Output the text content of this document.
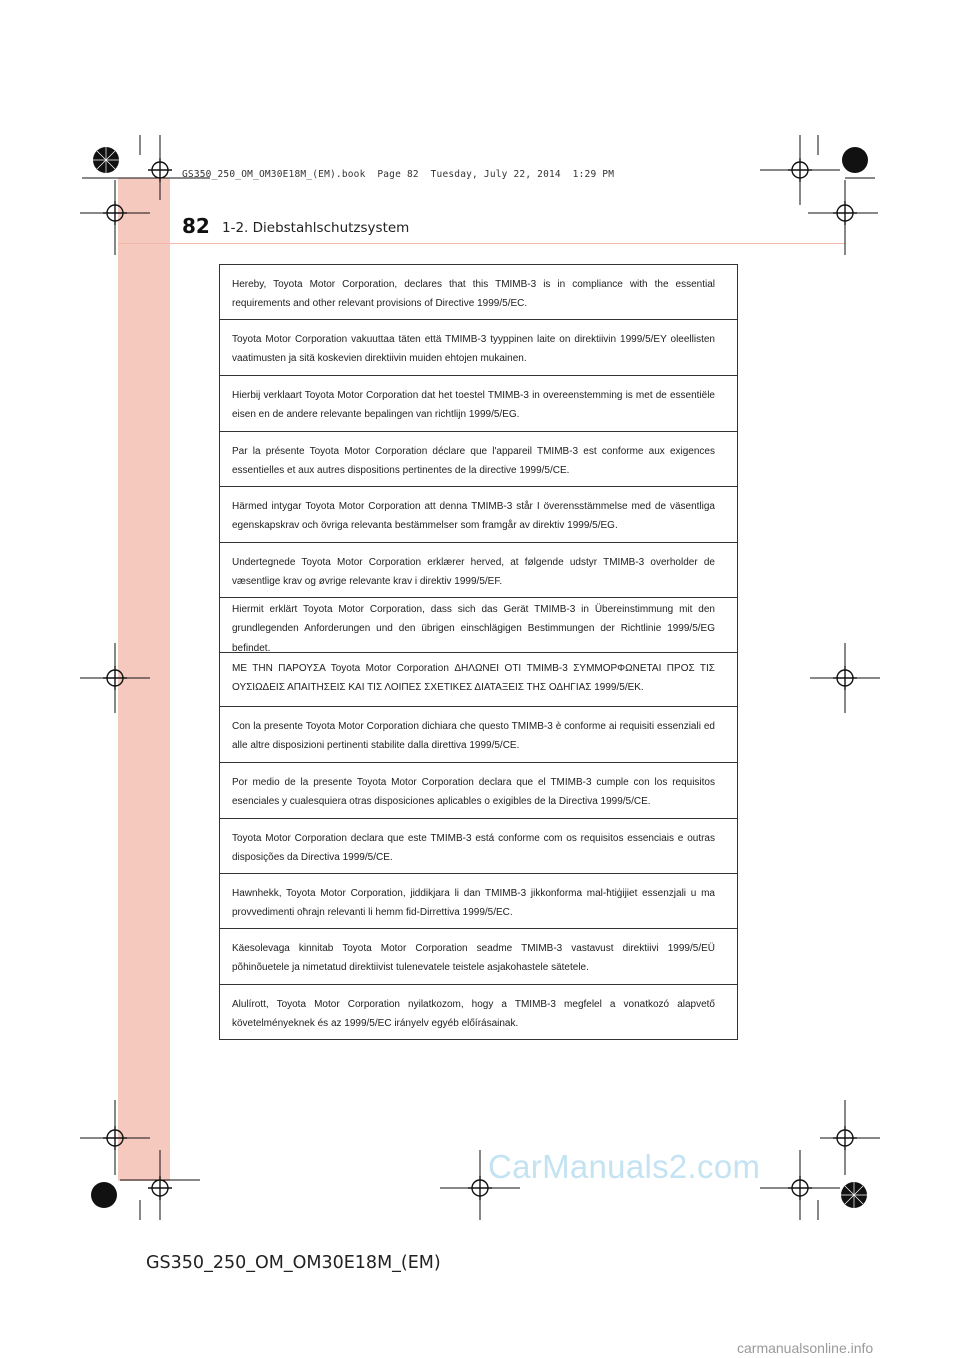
GS350_250_OM_OM30E18M_(EM).book  Page 82  Tuesday, July 22, 2014  1:29 PM
82 1-2. Diebstahlschutzsystem
Hereby, Toyota Motor Corporation, declares that this TMIMB-3 is in compliance with the essential requirements and other relevant provisions of Directive 1999/5/EC.
Toyota Motor Corporation vakuuttaa täten että TMIMB-3 tyyppinen laite on direktiivin 1999/5/EY oleellisten vaatimusten ja sitä koskevien direktiivin muiden ehtojen mukainen.
Hierbij verklaart Toyota Motor Corporation dat het toestel TMIMB-3 in overeenstemming is met de essentiële eisen en de andere relevante bepalingen van richtlijn 1999/5/EG.
Par la présente Toyota Motor Corporation déclare que l'appareil TMIMB-3 est conforme aux exigences essentielles et aux autres dispositions pertinentes de la directive 1999/5/CE.
Härmed intygar Toyota Motor Corporation att denna TMIMB-3 står I överensstämmelse med de väsentliga egenskapskrav och övriga relevanta bestämmelser som framgår av direktiv 1999/5/EG.
Undertegnede Toyota Motor Corporation erklærer herved, at følgende udstyr TMIMB-3 overholder de væsentlige krav og øvrige relevante krav i direktiv 1999/5/EF.
Hiermit erklärt Toyota Motor Corporation, dass sich das Gerät TMIMB-3 in Übereinstimmung mit den grundlegenden Anforderungen und den übrigen einschlägigen Bestimmungen der Richtlinie 1999/5/EG befindet.
ΜΕ ΤΗΝ ΠΑΡΟΥΣΑ Toyota Motor Corporation ΔΗΛΩΝΕΙ ΟΤΙ TMIMB-3 ΣΥΜΜΟΡΦΩΝΕΤΑΙ ΠΡΟΣ ΤΙΣ ΟΥΣΙΩΔΕΙΣ ΑΠΑΙΤΗΣΕΙΣ ΚΑΙ ΤΙΣ ΛΟΙΠΕΣ ΣΧΕΤΙΚΕΣ ΔΙΑΤΑΞΕΙΣ ΤΗΣ ΟΔΗΓΙΑΣ 1999/5/ΕΚ.
Con la presente Toyota Motor Corporation dichiara che questo TMIMB-3 è conforme ai requisiti essenziali ed alle altre disposizioni pertinenti stabilite dalla direttiva 1999/5/CE.
Por medio de la presente Toyota Motor Corporation declara que el TMIMB-3 cumple con los requisitos esenciales y cualesquiera otras disposiciones aplicables o exigibles de la Directiva 1999/5/CE.
Toyota Motor Corporation declara que este TMIMB-3 está conforme com os requisitos essenciais e outras disposições da Directiva 1999/5/CE.
Hawnhekk, Toyota Motor Corporation, jiddikjara li dan TMIMB-3 jikkonforma mal-ħtiġijiet essenzjali u ma provvedimenti oħrajn relevanti li hemm fid-Dirrettiva 1999/5/EC.
Käesolevaga kinnitab Toyota Motor Corporation seadme TMIMB-3 vastavust direktiivi 1999/5/EÜ põhinõuetele ja nimetatud direktiivist tulenevatele teistele asjakohastele sätetele.
Alulírott, Toyota Motor Corporation nyilatkozom, hogy a TMIMB-3 megfelel a vonatkozó alapvető követelményeknek és az 1999/5/EC irányelv egyéb előírásainak.
CarManuals2.com
GS350_250_OM_OM30E18M_(EM)
carmanualsonline.info
